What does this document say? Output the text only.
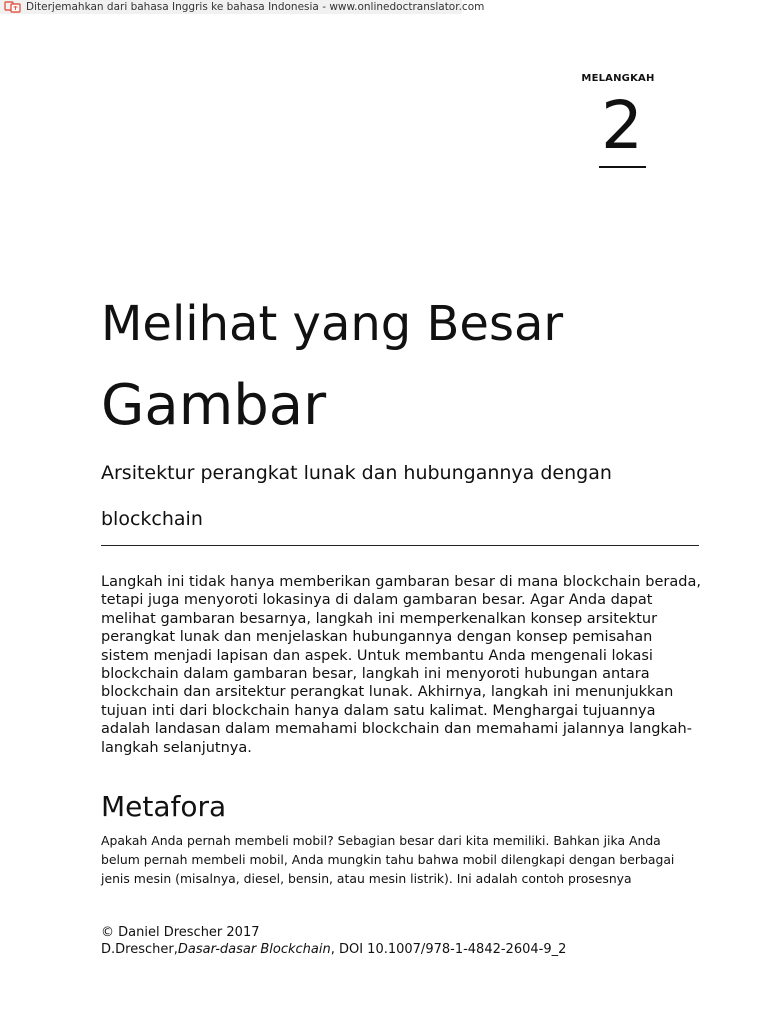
Diterjemahkan dari bahasa Inggris ke bahasa Indonesia - www.onlinedoctranslator.com
MELANGKAH
2
Melihat yang Besar
Gambar
Arsitektur perangkat lunak dan hubungannya dengan
blockchain

Langkah ini tidak hanya memberikan gambaran besar di mana blockchain berada, tetapi juga menyoroti lokasinya di dalam gambaran besar. Agar Anda dapat melihat gambaran besarnya, langkah ini memperkenalkan konsep arsitektur perangkat lunak dan menjelaskan hubungannya dengan konsep pemisahan sistem menjadi lapisan dan aspek. Untuk membantu Anda mengenali lokasi blockchain dalam gambaran besar, langkah ini menyoroti hubungan antara blockchain dan arsitektur perangkat lunak. Akhirnya, langkah ini menunjukkan tujuan inti dari blockchain hanya dalam satu kalimat. Menghargai tujuannya adalah landasan dalam memahami blockchain dan memahami jalannya langkah-langkah selanjutnya.

Metafora

Apakah Anda pernah membeli mobil? Sebagian besar dari kita memiliki. Bahkan jika Anda belum pernah membeli mobil, Anda mungkin tahu bahwa mobil dilengkapi dengan berbagai jenis mesin (misalnya, diesel, bensin, atau mesin listrik). Ini adalah contoh prosesnya

© Daniel Drescher 2017
D.Drescher,Dasar-dasar Blockchain, DOI 10.1007/978-1-4842-2604-9_2
